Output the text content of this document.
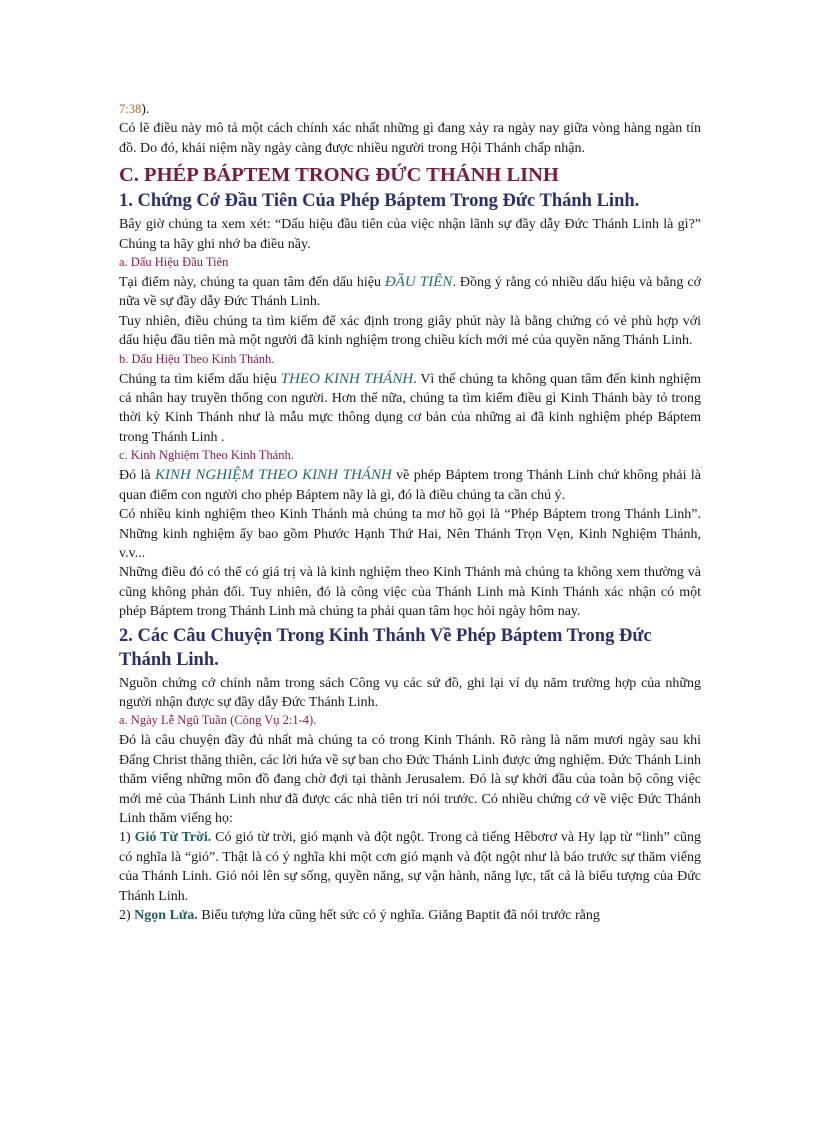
7:38).

Có lẽ điều này mô tả một cách chính xác nhất những gì đang xảy ra ngày nay giữa vòng hàng ngàn tín đồ. Do đó, khái niệm nầy ngày càng được nhiều người trong Hội Thánh chấp nhận.

C. PHÉP BÁPTEM TRONG ĐỨC THÁNH LINH
1. Chứng Cớ Đầu Tiên Của Phép Báptem Trong Đức Thánh Linh.

Bây giờ chúng ta xem xét: “Dấu hiệu đầu tiên của việc nhận lãnh sự đầy dẫy Đức Thánh Linh là gì?” Chúng ta hãy ghi nhớ ba điều nầy.

a. Dấu Hiệu Đầu Tiên

Tại điểm này, chúng ta quan tâm đến dấu hiệu ĐẦU TIÊN. Đồng ý rằng có nhiều dấu hiệu và bằng cớ nữa về sự đầy dẫy Đức Thánh Linh.

Tuy nhiên, điều chúng ta tìm kiếm để xác định trong giây phút này là bằng chứng có vẻ phù hợp với dấu hiệu đầu tiên mà một người đã kinh nghiệm trong chiều kích mới mẻ của quyền năng Thánh Linh.

b. Dấu Hiệu Theo Kinh Thánh.

Chúng ta tìm kiếm dấu hiệu THEO KINH THÁNH. Vì thế chúng ta không quan tâm đến kinh nghiệm cá nhân hay truyền thống con người. Hơn thế nữa, chúng ta tìm kiếm điều gì Kinh Thánh bày tỏ trong thời kỳ Kinh Thánh như là mẫu mực thông dụng cơ bản của những ai đã kinh nghiệm phép Báptem trong Thánh Linh .

c. Kinh Nghiệm Theo Kinh Thánh.

Đó là KINH NGHIỆM THEO KINH THÁNH về phép Báptem trong Thánh Linh chứ không phải là quan điểm con người cho phép Báptem nầy là gì, đó là điều chúng ta cần chú ý.

Có nhiều kinh nghiệm theo Kinh Thánh mà chúng ta mơ hồ gọi là “Phép Báptem trong Thánh Linh”. Những kinh nghiệm ấy bao gồm Phước Hạnh Thứ Hai, Nên Thánh Trọn Vẹn, Kinh Nghiệm Thánh, v.v...

Những điều đó có thể có giá trị và là kinh nghiệm theo Kinh Thánh mà chúng ta không xem thường và cũng không phản đối. Tuy nhiên, đó là công việc của Thánh Linh mà Kinh Thánh xác nhận có một phép Báptem trong Thánh Linh mà chúng ta phải quan tâm học hỏi ngày hôm nay.

2. Các Câu Chuyện Trong Kinh Thánh Về Phép Báptem Trong Đức Thánh Linh.

Nguồn chứng cớ chính nằm trong sách Công vụ các sứ đồ, ghi lại ví dụ năm trường hợp của những người nhận được sự đầy dẫy Đức Thánh Linh.

a. Ngày Lễ Ngũ Tuần (Công Vụ 2:1-4).

Đó là câu chuyện đầy đủ nhất mà chúng ta có trong Kinh Thánh. Rõ ràng là năm mươi ngày sau khi Đấng Christ thăng thiên, các lời hứa về sự ban cho Đức Thánh Linh được ứng nghiệm. Đức Thánh Linh thăm viếng những môn đồ đang chờ đợi tại thành Jerusalem. Đó là sự khởi đầu của toàn bộ công việc mới mẻ của Thánh Linh như đã được các nhà tiên tri nói trước. Có nhiều chứng cớ về việc Đức Thánh Linh thăm viếng họ:

1) Gió Từ Trời. Có gió từ trời, gió mạnh và đột ngột. Trong cả tiếng Hêbơrơ và Hy lạp từ “linh” cũng có nghĩa là “gió”. Thật là có ý nghĩa khi một cơn gió mạnh và đột ngột như là báo trước sự thăm viếng của Thánh Linh. Gió nói lên sự sống, quyền năng, sự vận hành, năng lực, tất cả là biểu tượng của Đức Thánh Linh.

2) Ngọn Lửa. Biểu tượng lửa cũng hết sức có ý nghĩa. Giăng Baptit đã nói trước rằng
